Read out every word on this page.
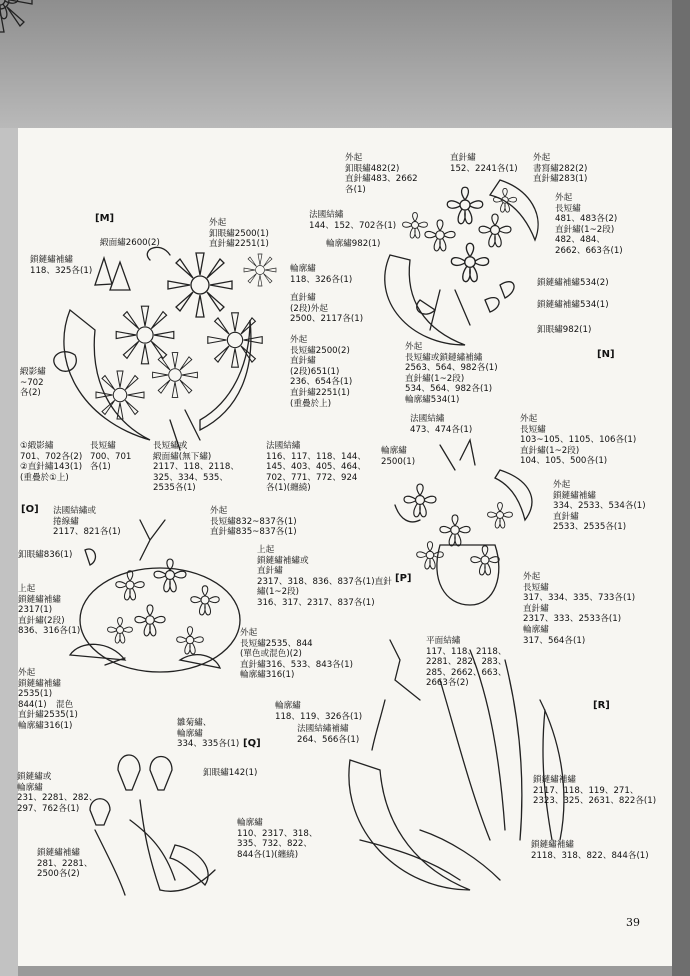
[M]
鎖鏈繡補繡
118、325各(1)
緞面繡2600(2)
外起
釦眼繡2500(1)
直針繡2251(1)
輪廓繡
118、326各(1)
直針繡
(2段)外起
2500、2117各(1)
外起
長短繡2500(2)
直針繡
(2段)651(1)
236、654各(1)
直針繡2251(1)
(重疊於上)
①緞影繡
701、702各(2)
②直針繡143(1)
(重疊於①上)
長短繡
700、701
各(1)
長短繡或
緞面繡(無下繡)
2117、118、2118、
325、334、535、
2535各(1)
法國結繡
116、117、118、144、
145、403、405、464、
702、771、772、924
各(1)(纏繞)
緞影繡
~702
各(2)
[N]
外起
釦眼繡482(2)
直針繡483、2662
各(1)
直針繡
152、2241各(1)
外起
書寫繡282(2)
直針繡283(1)
法國結繡
144、152、702各(1)
輪廓繡982(1)
外起
長短繡
481、483各(2)
直針繡(1~2段)
482、484、
2662、663各(1)
鎖鏈繡補繡534(2)
鎖鏈繡補繡534(1)
釦眼繡982(1)
外起
長短繡或鎖鏈繡補繡
2563、564、982各(1)
直針繡(1~2段)
534、564、982各(1)
輪廓繡534(1)
[O] 法國結繡或
捲線繡
2117、821各(1)
外起
長短繡832~837各(1)
直針繡835~837各(1)
釦眼繡836(1)	上起
鎖鏈繡補繡或
直針繡
2317、318、836、837各(1)直針
繡(1~2段)
316、317、2317、837各(1)
上起
鎖鏈繡補繡
2317(1)
直針繡(2段)
836、316各(1)	外起
長短繡2535、844
(單色或混色)(2)
直針繡316、533、843各(1)
輪廓繡316(1)
外起
鎖鏈繡補繡
2535(1)
844(1)
直針繡2535(1)
輪廓繡316(1)
混色
[P]
法國結繡
473、474各(1)
外起
長短繡
103~105、1105、106各(1)
直針繡(1~2段)
104、105、500各(1)
輪廓繡
2500(1)
外起
鎖鏈繡補繡
334、2533、534各(1)
直針繡
2533、2535各(1)
外起
長短繡
317、334、335、733各(1)
直針繡
2317、333、2533各(1)
輪廓繡
317、564各(1)
[Q]
雛菊繡、
輪廓繡
334、335各(1)
釦眼繡142(1)
鎖鏈繡或
輪廓繡
231、2281、282、
297、762各(1)
輪廓繡
110、2317、318、
335、732、822、
844各(1)(纏繞)
鎖鏈繡補繡
281、2281、
2500各(2)
[R]
平面結繡
117、118、2118、
2281、282、283、
285、2662、663、
2663各(2)
輪廓繡
118、119、326各(1)
法國結繡補繡
264、566各(1)
鎖鏈繡補繡
2117、118、119、271、
2323、325、2631、822各(1)
鎖鏈繡補繡
2118、318、822、844各(1)
39
